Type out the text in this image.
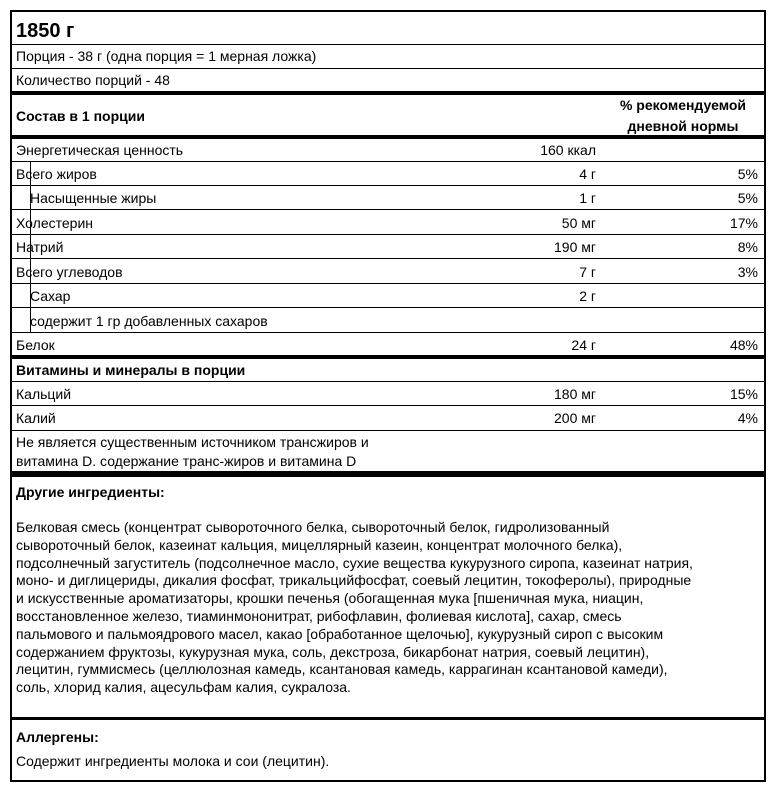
1850 г
Порция - 38 г (одна порция = 1 мерная ложка)
Количество порций - 48
Состав в 1 порции
% рекомендуемой
дневной нормы
Энергетическая ценность	160 ккал
Всего жиров	4 г	5%
Насыщенные жиры	1 г	5%
Холестерин	50 мг	17%
Натрий	190 мг	8%
Всего углеводов	7 г	3%
Сахар	2 г
содержит 1 гр добавленных сахаров
Белок	24 г	48%
Витамины и минералы в порции
Кальций	180 мг	15%
Калий	200 мг	4%
Не является существенным источником трансжиров и
витамина D. содержание транс-жиров и витамина D
Другие ингредиенты:
Белковая смесь (концентрат сывороточного белка, сывороточный белок, гидролизованный
сывороточный белок, казеинат кальция, мицеллярный казеин, концентрат молочного белка),
подсолнечный загуститель (подсолнечное масло, сухие вещества кукурузного сиропа, казеинат натрия,
моно- и диглицериды, дикалия фосфат, трикальцийфосфат, соевый лецитин, токоферолы), природные
и искусственные ароматизаторы, крошки печенья (обогащенная мука [пшеничная мука, ниацин,
восстановленное железо, тиаминмононитрат, рибофлавин, фолиевая кислота], сахар, смесь
пальмового и пальмоядрового масел, какао [обработанное щелочью], кукурузный сироп с высоким
содержанием фруктозы, кукурузная мука, соль, декстроза, бикарбонат натрия, соевый лецитин),
лецитин, гуммисмесь (целлюлозная камедь, ксантановая камедь, каррагинан ксантановой камеди),
соль, хлорид калия, ацесульфам калия, сукралоза.
Аллергены:
Содержит ингредиенты молока и сои (лецитин).
